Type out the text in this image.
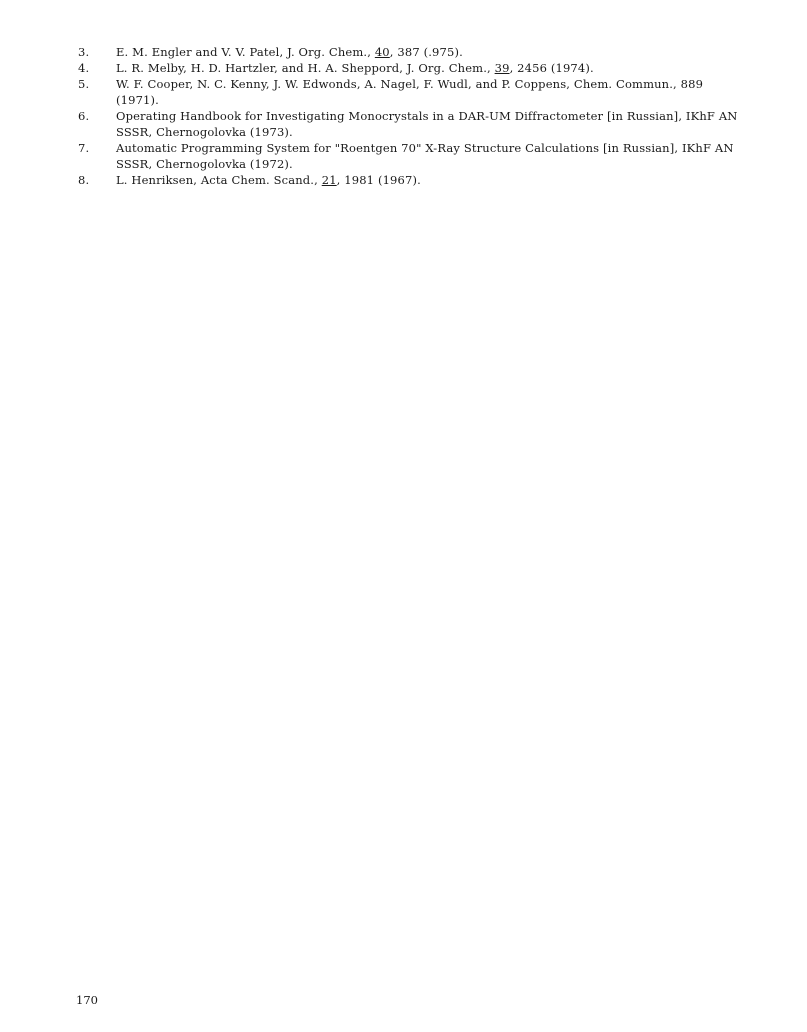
3.	E. M. Engler and V. V. Patel, J. Org. Chem., 40, 387 (.975).
4.	L. R. Melby, H. D. Hartzler, and H. A. Sheppord, J. Org. Chem., 39, 2456 (1974).
5.	W. F. Cooper, N. C. Kenny, J. W. Edwonds, A. Nagel, F. Wudl, and P. Coppens, Chem. Commun., 889 (1971).
6.	Operating Handbook for Investigating Monocrystals in a DAR-UM Diffractometer [in Russian], IKhF AN SSSR, Chernogolovka (1973).
7.	Automatic Programming System for "Roentgen 70" X-Ray Structure Calculations [in Russian], IKhF AN SSSR, Chernogolovka (1972).
8.	L. Henriksen, Acta Chem. Scand., 21, 1981 (1967).
170
